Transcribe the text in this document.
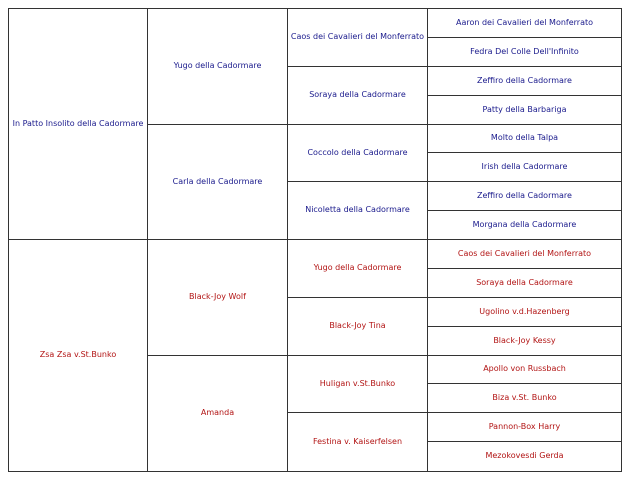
In Patto Insolito della Cadormare
Zsa Zsa v.St.Bunko
Yugo della Cadormare
Carla della Cadormare
Black-Joy Wolf
Amanda
Caos dei Cavalieri del Monferrato
Soraya della Cadormare
Coccolo della Cadormare
Nicoletta della Cadormare
Yugo della Cadormare
Black-Joy Tina
Huligan v.St.Bunko
Festina v. Kaiserfelsen
Aaron dei Cavalieri del Monferrato
Fedra Del Colle Dell'Infinito
Zeffiro della Cadormare
Patty della Barbariga
Molto della Talpa
Irish della Cadormare
Zeffiro della Cadormare
Morgana della Cadormare
Caos dei Cavalieri del Monferrato
Soraya della Cadormare
Ugolino v.d.Hazenberg
Black-Joy Kessy
Apollo von Russbach
Biza v.St. Bunko
Pannon-Box Harry
Mezokovesdi Gerda
